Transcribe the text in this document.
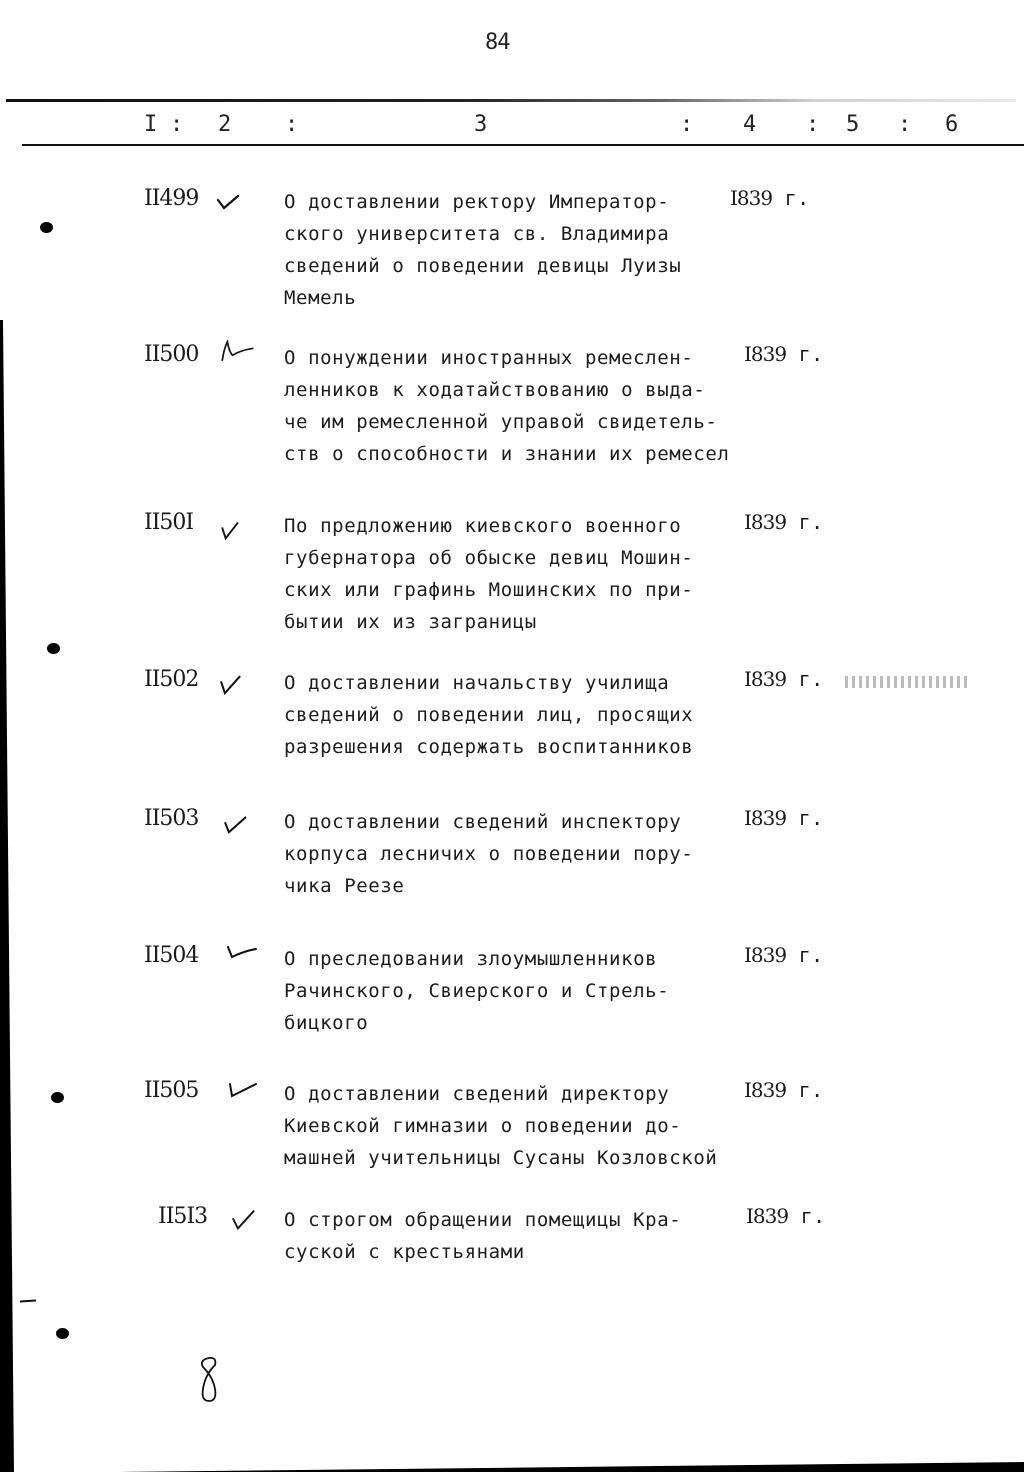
84
I : 2 :	3	: 4 : 5 : 6
II499	О доставлении ректору Император-
ского университета св. Владимира
сведений о поведении девицы Луизы
Мемель
I839 г.
II500	О понуждении иностранных ремеслен-
ленников к ходатайствованию о выда-
че им ремесленной управой свидетель-
ств о способности и знании их ремесел
I839 г.
II50I	По предложению киевского военного
губернатора об обыске девиц Мошин-
ских или графинь Мошинских по при-
бытии их из заграницы
I839 г.
II502	О доставлении начальству училища
сведений о поведении лиц, просящих
разрешения содержать воспитанников
I839 г.
II503	О доставлении сведений инспектору
корпуса лесничих о поведении пору-
чика Реезе
I839 г.
II504	О преследовании злоумышленников
Рачинского, Свиерского и Стрель-
бицкого
I839 г.
II505	О доставлении сведений директору
Киевской гимназии о поведении до-
машней учительницы Сусаны Козловской
I839 г.
II5I3	О строгом обращении помещицы Кра-
суской с крестьянами
I839 г.
